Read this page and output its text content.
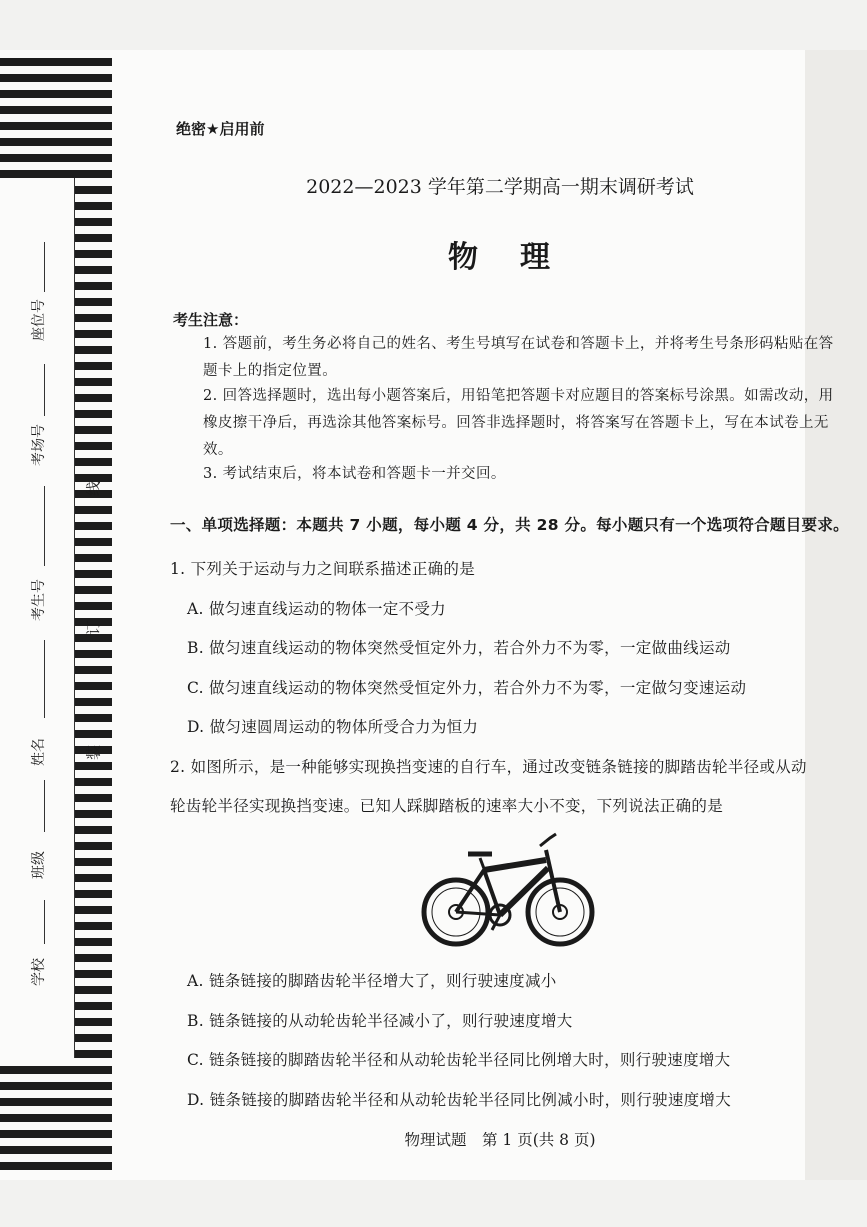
座位号
考场号
考生号
姓名
班级
学校
线
订
装
绝密★启用前
2022—2023 学年第二学期高一期末调研考试
物理
考生注意：
1. 答题前，考生务必将自己的姓名、考生号填写在试卷和答题卡上，并将考生号条形码粘贴在答题卡上的指定位置。
2. 回答选择题时，选出每小题答案后，用铅笔把答题卡对应题目的答案标号涂黑。如需改动，用橡皮擦干净后，再选涂其他答案标号。回答非选择题时，将答案写在答题卡上，写在本试卷上无效。
3. 考试结束后，将本试卷和答题卡一并交回。
一、单项选择题：本题共 7 小题，每小题 4 分，共 28 分。每小题只有一个选项符合题目要求。
1. 下列关于运动与力之间联系描述正确的是
A. 做匀速直线运动的物体一定不受力
B. 做匀速直线运动的物体突然受恒定外力，若合外力不为零，一定做曲线运动
C. 做匀速直线运动的物体突然受恒定外力，若合外力不为零，一定做匀变速运动
D. 做匀速圆周运动的物体所受合力为恒力
2. 如图所示，是一种能够实现换挡变速的自行车，通过改变链条链接的脚踏齿轮半径或从动
轮齿轮半径实现换挡变速。已知人踩脚踏板的速率大小不变，下列说法正确的是
A. 链条链接的脚踏齿轮半径增大了，则行驶速度减小
B. 链条链接的从动轮齿轮半径减小了，则行驶速度增大
C. 链条链接的脚踏齿轮半径和从动轮齿轮半径同比例增大时，则行驶速度增大
D. 链条链接的脚踏齿轮半径和从动轮齿轮半径同比例减小时，则行驶速度增大
物理试题　第 1 页(共 8 页)
